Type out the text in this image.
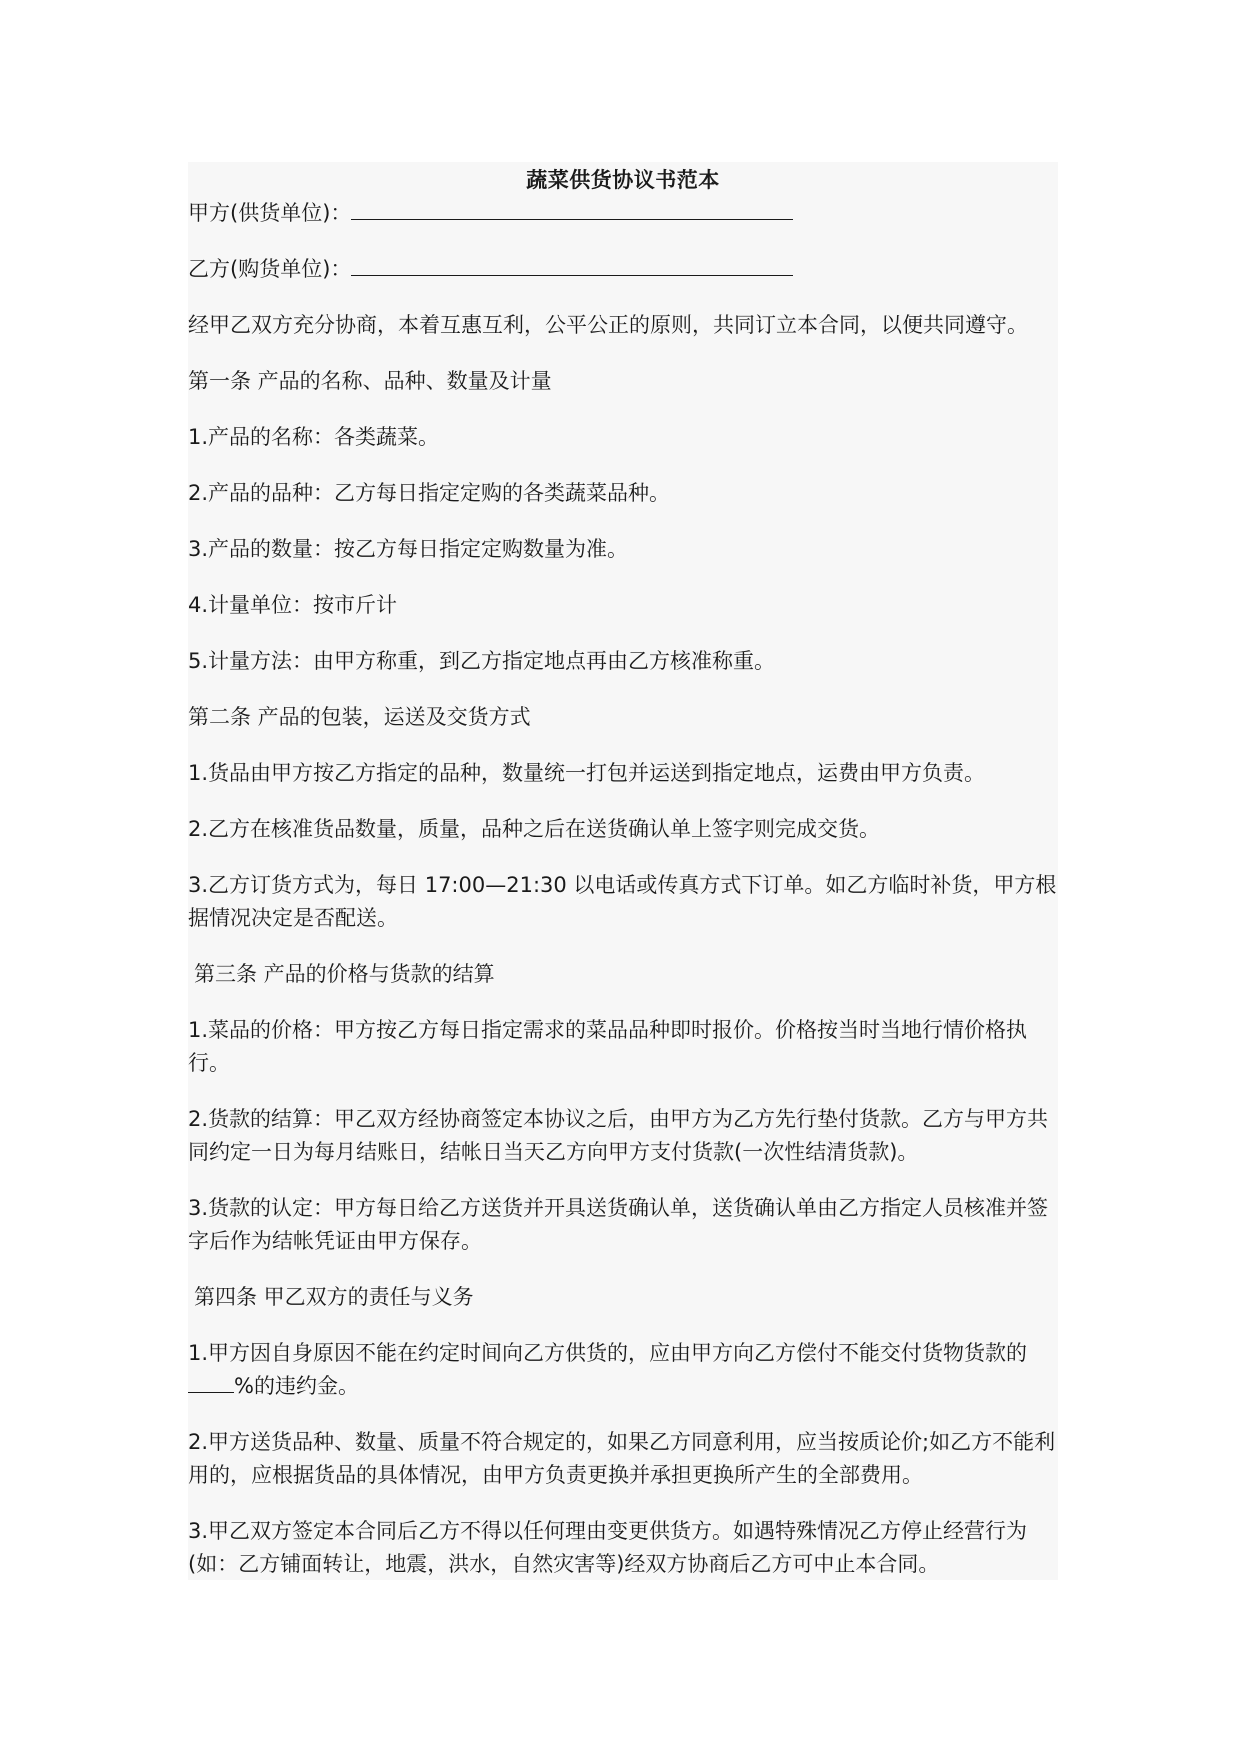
蔬菜供货协议书范本

甲方(供货单位)：

乙方(购货单位)：

经甲乙双方充分协商，本着互惠互利，公平公正的原则，共同订立本合同，以便共同遵守。

第一条 产品的名称、品种、数量及计量

1.产品的名称：各类蔬菜。

2.产品的品种：乙方每日指定定购的各类蔬菜品种。

3.产品的数量：按乙方每日指定定购数量为准。

4.计量单位：按市斤计

5.计量方法：由甲方称重，到乙方指定地点再由乙方核准称重。

第二条 产品的包装，运送及交货方式

1.货品由甲方按乙方指定的品种，数量统一打包并运送到指定地点，运费由甲方负责。

2.乙方在核准货品数量，质量，品种之后在送货确认单上签字则完成交货。

3.乙方订货方式为，每日 17:00—21:30 以电话或传真方式下订单。如乙方临时补货，甲方根据情况决定是否配送。

第三条 产品的价格与货款的结算

1.菜品的价格：甲方按乙方每日指定需求的菜品品种即时报价。价格按当时当地行情价格执行。

2.货款的结算：甲乙双方经协商签定本协议之后，由甲方为乙方先行垫付货款。乙方与甲方共同约定一日为每月结账日，结帐日当天乙方向甲方支付货款(一次性结清货款)。

3.货款的认定：甲方每日给乙方送货并开具送货确认单，送货确认单由乙方指定人员核准并签字后作为结帐凭证由甲方保存。

第四条 甲乙双方的责任与义务

1.甲方因自身原因不能在约定时间向乙方供货的，应由甲方向乙方偿付不能交付货物货款的%的违约金。

2.甲方送货品种、数量、质量不符合规定的，如果乙方同意利用，应当按质论价;如乙方不能利用的，应根据货品的具体情况，由甲方负责更换并承担更换所产生的全部费用。

3.甲乙双方签定本合同后乙方不得以任何理由变更供货方。如遇特殊情况乙方停止经营行为(如：乙方铺面转让，地震，洪水，自然灾害等)经双方协商后乙方可中止本合同。
